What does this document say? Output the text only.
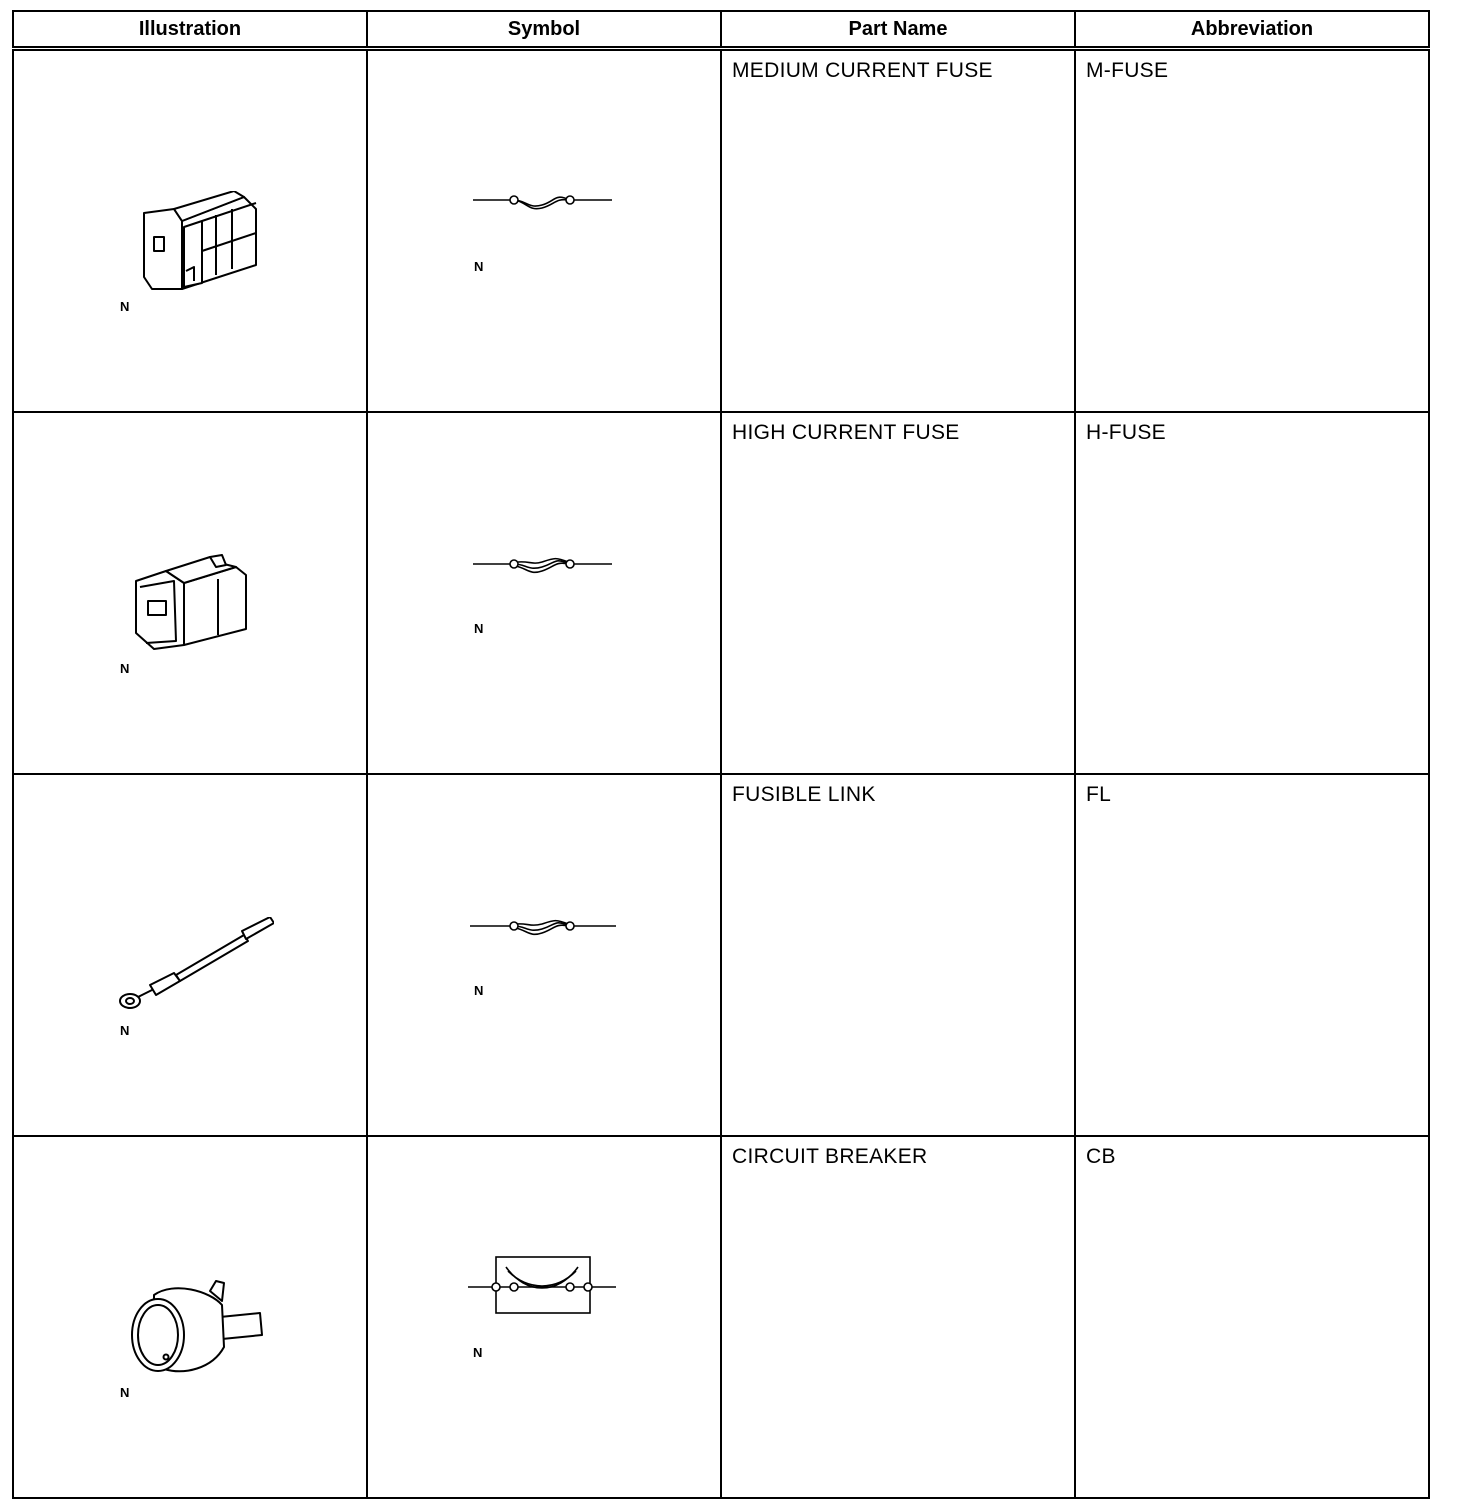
Illustration	Symbol	Part Name	Abbreviation

N	N	MEDIUM CURRENT FUSE	M-FUSE

N	N	HIGH CURRENT FUSE	H-FUSE

N	N	FUSIBLE LINK	FL

N	N	CIRCUIT BREAKER	CB
